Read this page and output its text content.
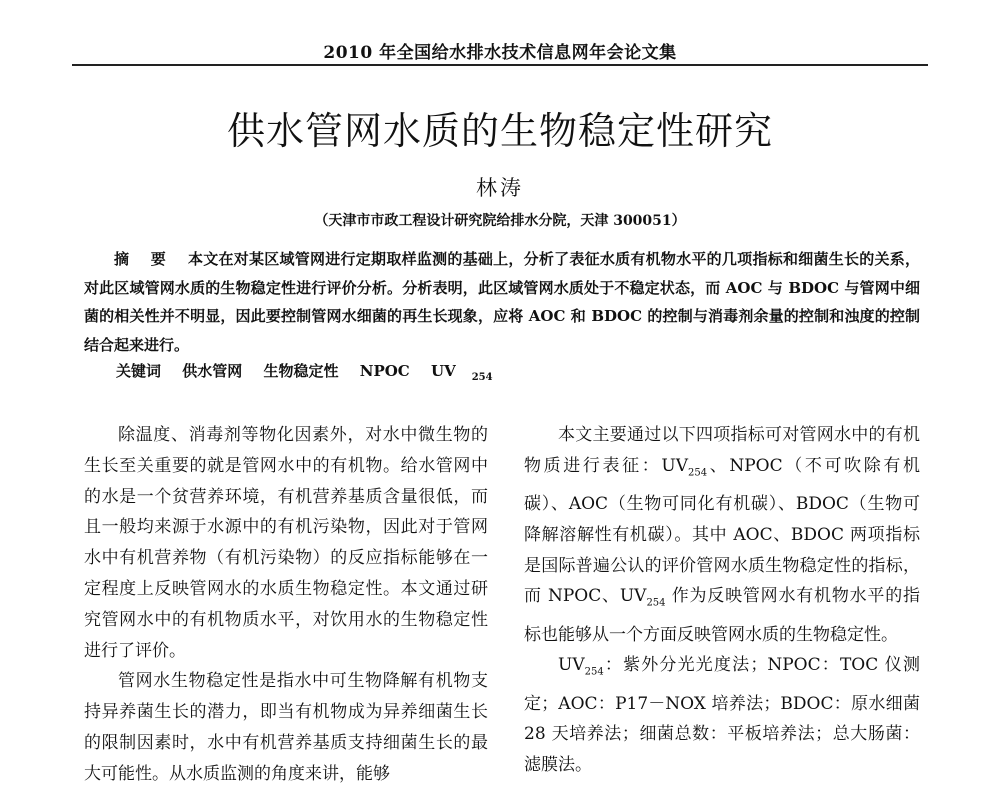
2010 年全国给水排水技术信息网年会论文集
供水管网水质的生物稳定性研究
林涛
（天津市市政工程设计研究院给排水分院，天津 300051）
摘 要 本文在对某区域管网进行定期取样监测的基础上，分析了表征水质有机物水平的几项指标和细菌生长的关系，对此区域管网水质的生物稳定性进行评价分析。分析表明，此区域管网水质处于不稳定状态，而 AOC 与 BDOC 与管网中细菌的相关性并不明显，因此要控制管网水细菌的再生长现象，应将 AOC 和 BDOC 的控制与消毒剂余量的控制和浊度的控制结合起来进行。
关键词 供水管网 生物稳定性 NPOC UV $_{254}$

除温度、消毒剂等物化因素外，对水中微生物的生长至关重要的就是管网水中的有机物。给水管网中的水是一个贫营养环境，有机营养基质含量很低，而且一般均来源于水源中的有机污染物，因此对于管网水中有机营养物（有机污染物）的反应指标能够在一定程度上反映管网水的水质生物稳定性。本文通过研究管网水中的有机物质水平，对饮用水的生物稳定性进行了评价。

管网水生物稳定性是指水中可生物降解有机物支持异养菌生长的潜力，即当有机物成为异养细菌生长的限制因素时，水中有机营养基质支持细菌生长的最大可能性。从水质监测的角度来讲，能够

本文主要通过以下四项指标可对管网水中的有机物质进行表征：$UV_{254}$、NPOC（不可吹除有机碳）、AOC（生物可同化有机碳）、BDOC（生物可降解溶解性有机碳）。其中 AOC、BDOC 两项指标是国际普遍公认的评价管网水质生物稳定性的指标，而 NPOC、$UV_{254}$ 作为反映管网水有机物水平的指标也能够从一个方面反映管网水质的生物稳定性。

$UV_{254}$：紫外分光光度法；NPOC：TOC 仪测定；AOC：P17－NOX 培养法；BDOC：原水细菌 28 天培养法；细菌总数：平板培养法；总大肠菌：滤膜法。
